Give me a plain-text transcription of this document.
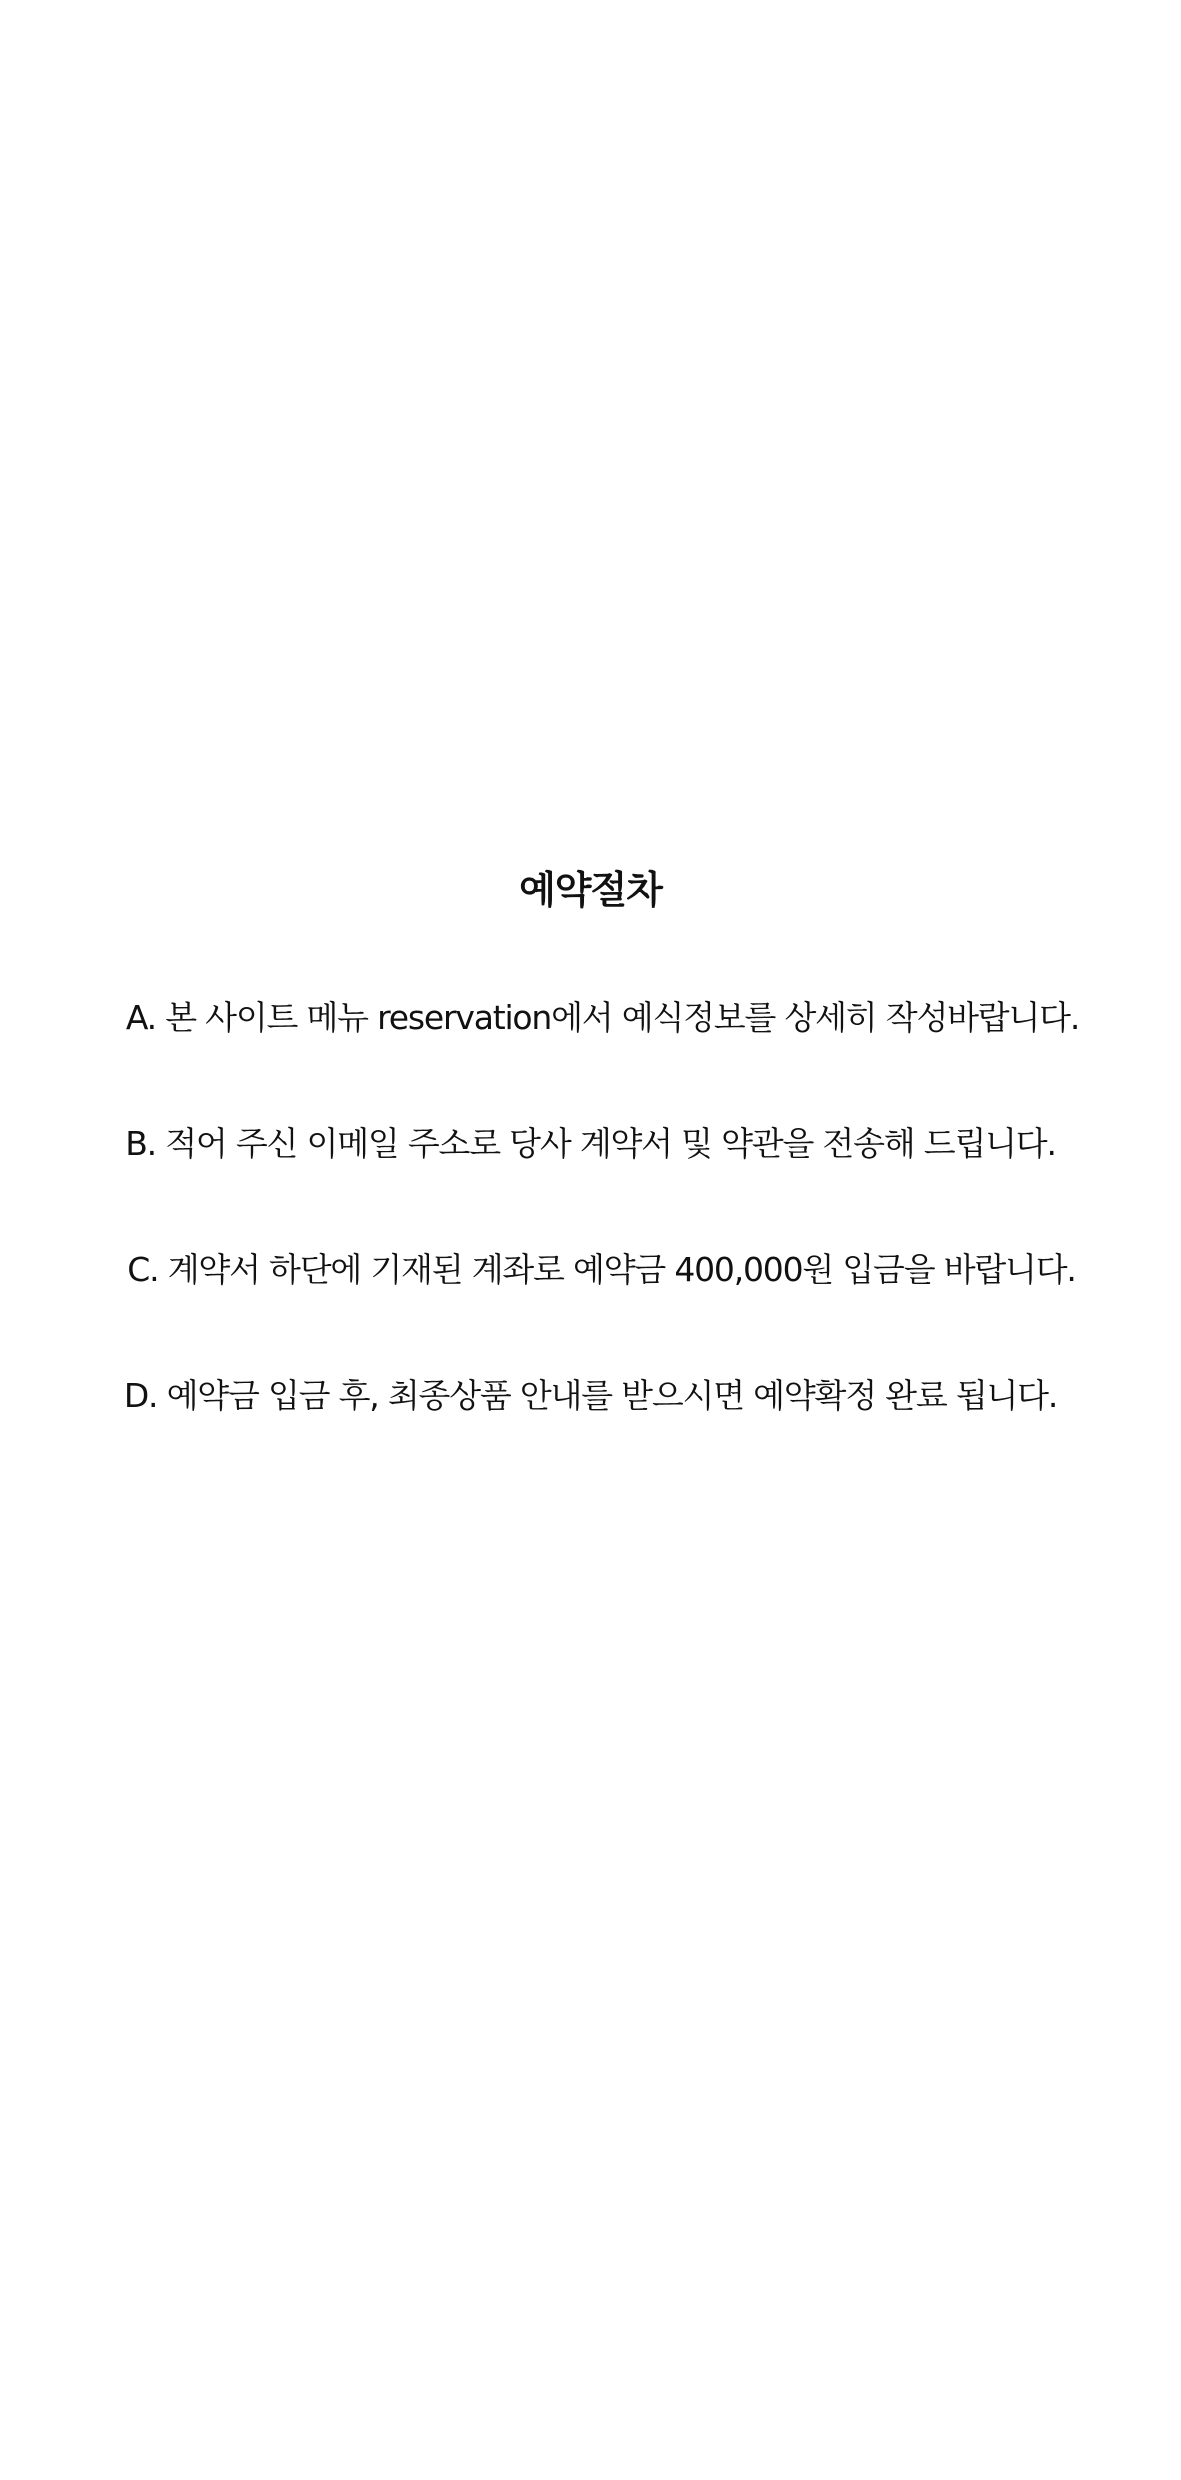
예약절차
A. 본 사이트 메뉴 reservation에서 예식정보를 상세히 작성바랍니다.
B. 적어 주신 이메일 주소로 당사 계약서 및 약관을 전송해 드립니다.
C. 계약서 하단에 기재된 계좌로 예약금 400,000원 입금을 바랍니다.
D. 예약금 입금 후, 최종상품 안내를 받으시면 예약확정 완료 됩니다.
